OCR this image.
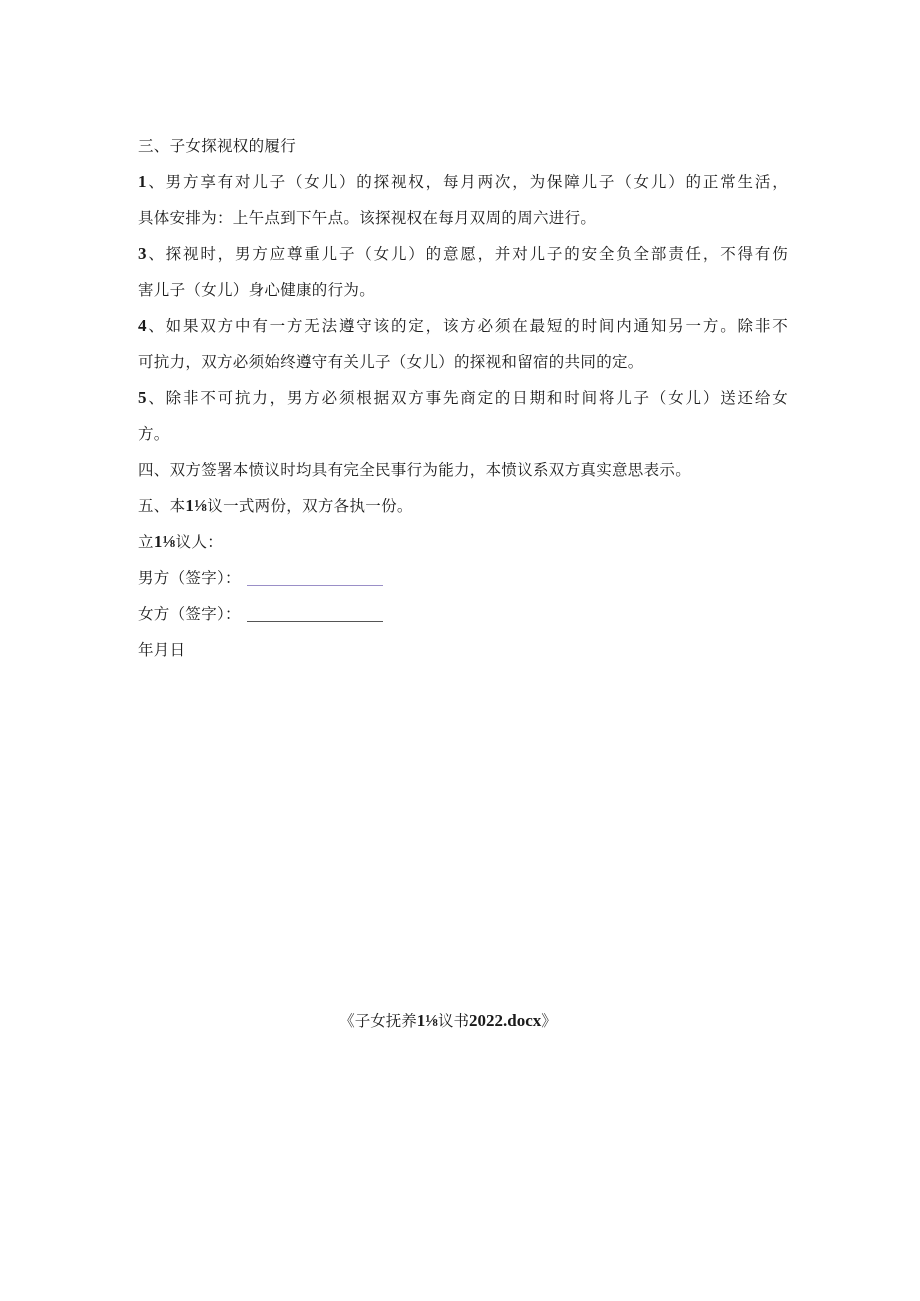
三、子女探视权的履行
1、男方享有对儿子（女儿）的探视权，每月两次，为保障儿子（女儿）的正常生活，
具体安排为：上午点到下午点。该探视权在每月双周的周六进行。
3、探视时，男方应尊重儿子（女儿）的意愿，并对儿子的安全负全部责任，不得有伤
害儿子（女儿）身心健康的行为。
4、如果双方中有一方无法遵守该的定，该方必须在最短的时间内通知另一方。除非不
可抗力，双方必须始终遵守有关儿子（女儿）的探视和留宿的共同的定。
5、除非不可抗力，男方必须根据双方事先商定的日期和时间将儿子（女儿）送还给女
方。
四、双方签署本愤议时均具有完全民事行为能力，本愤议系双方真实意思表示。
五、本1⅛议一式两份，双方各执一份。
立1⅛议人：
男方（签字）：
女方（签字）：
年月日
《子女抚养1⅛议书2022.docx》
